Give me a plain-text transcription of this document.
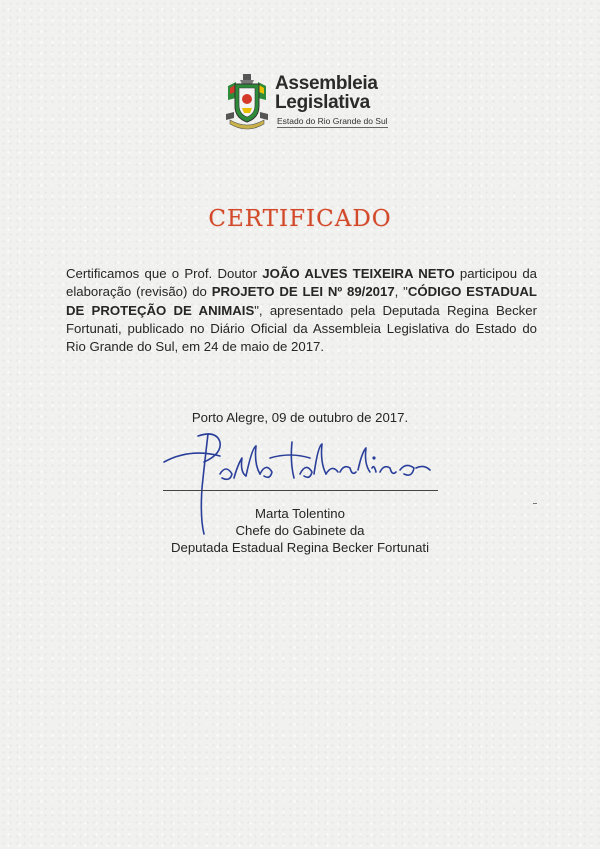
Assembleia
Legislativa
Estado do Rio Grande do Sul
CERTIFICADO
Certificamos que o Prof. Doutor JOÃO ALVES TEIXEIRA NETO participou da elaboração (revisão) do PROJETO DE LEI Nº 89/2017, "CÓDIGO ESTADUAL DE PROTEÇÃO DE ANIMAIS", apresentado pela Deputada Regina Becker Fortunati, publicado no Diário Oficial da Assembleia Legislativa do Estado do Rio Grande do Sul, em 24 de maio de 2017.
Porto Alegre, 09 de outubro de 2017.
Marta Tolentino
Chefe do Gabinete da
Deputada Estadual Regina Becker Fortunati
